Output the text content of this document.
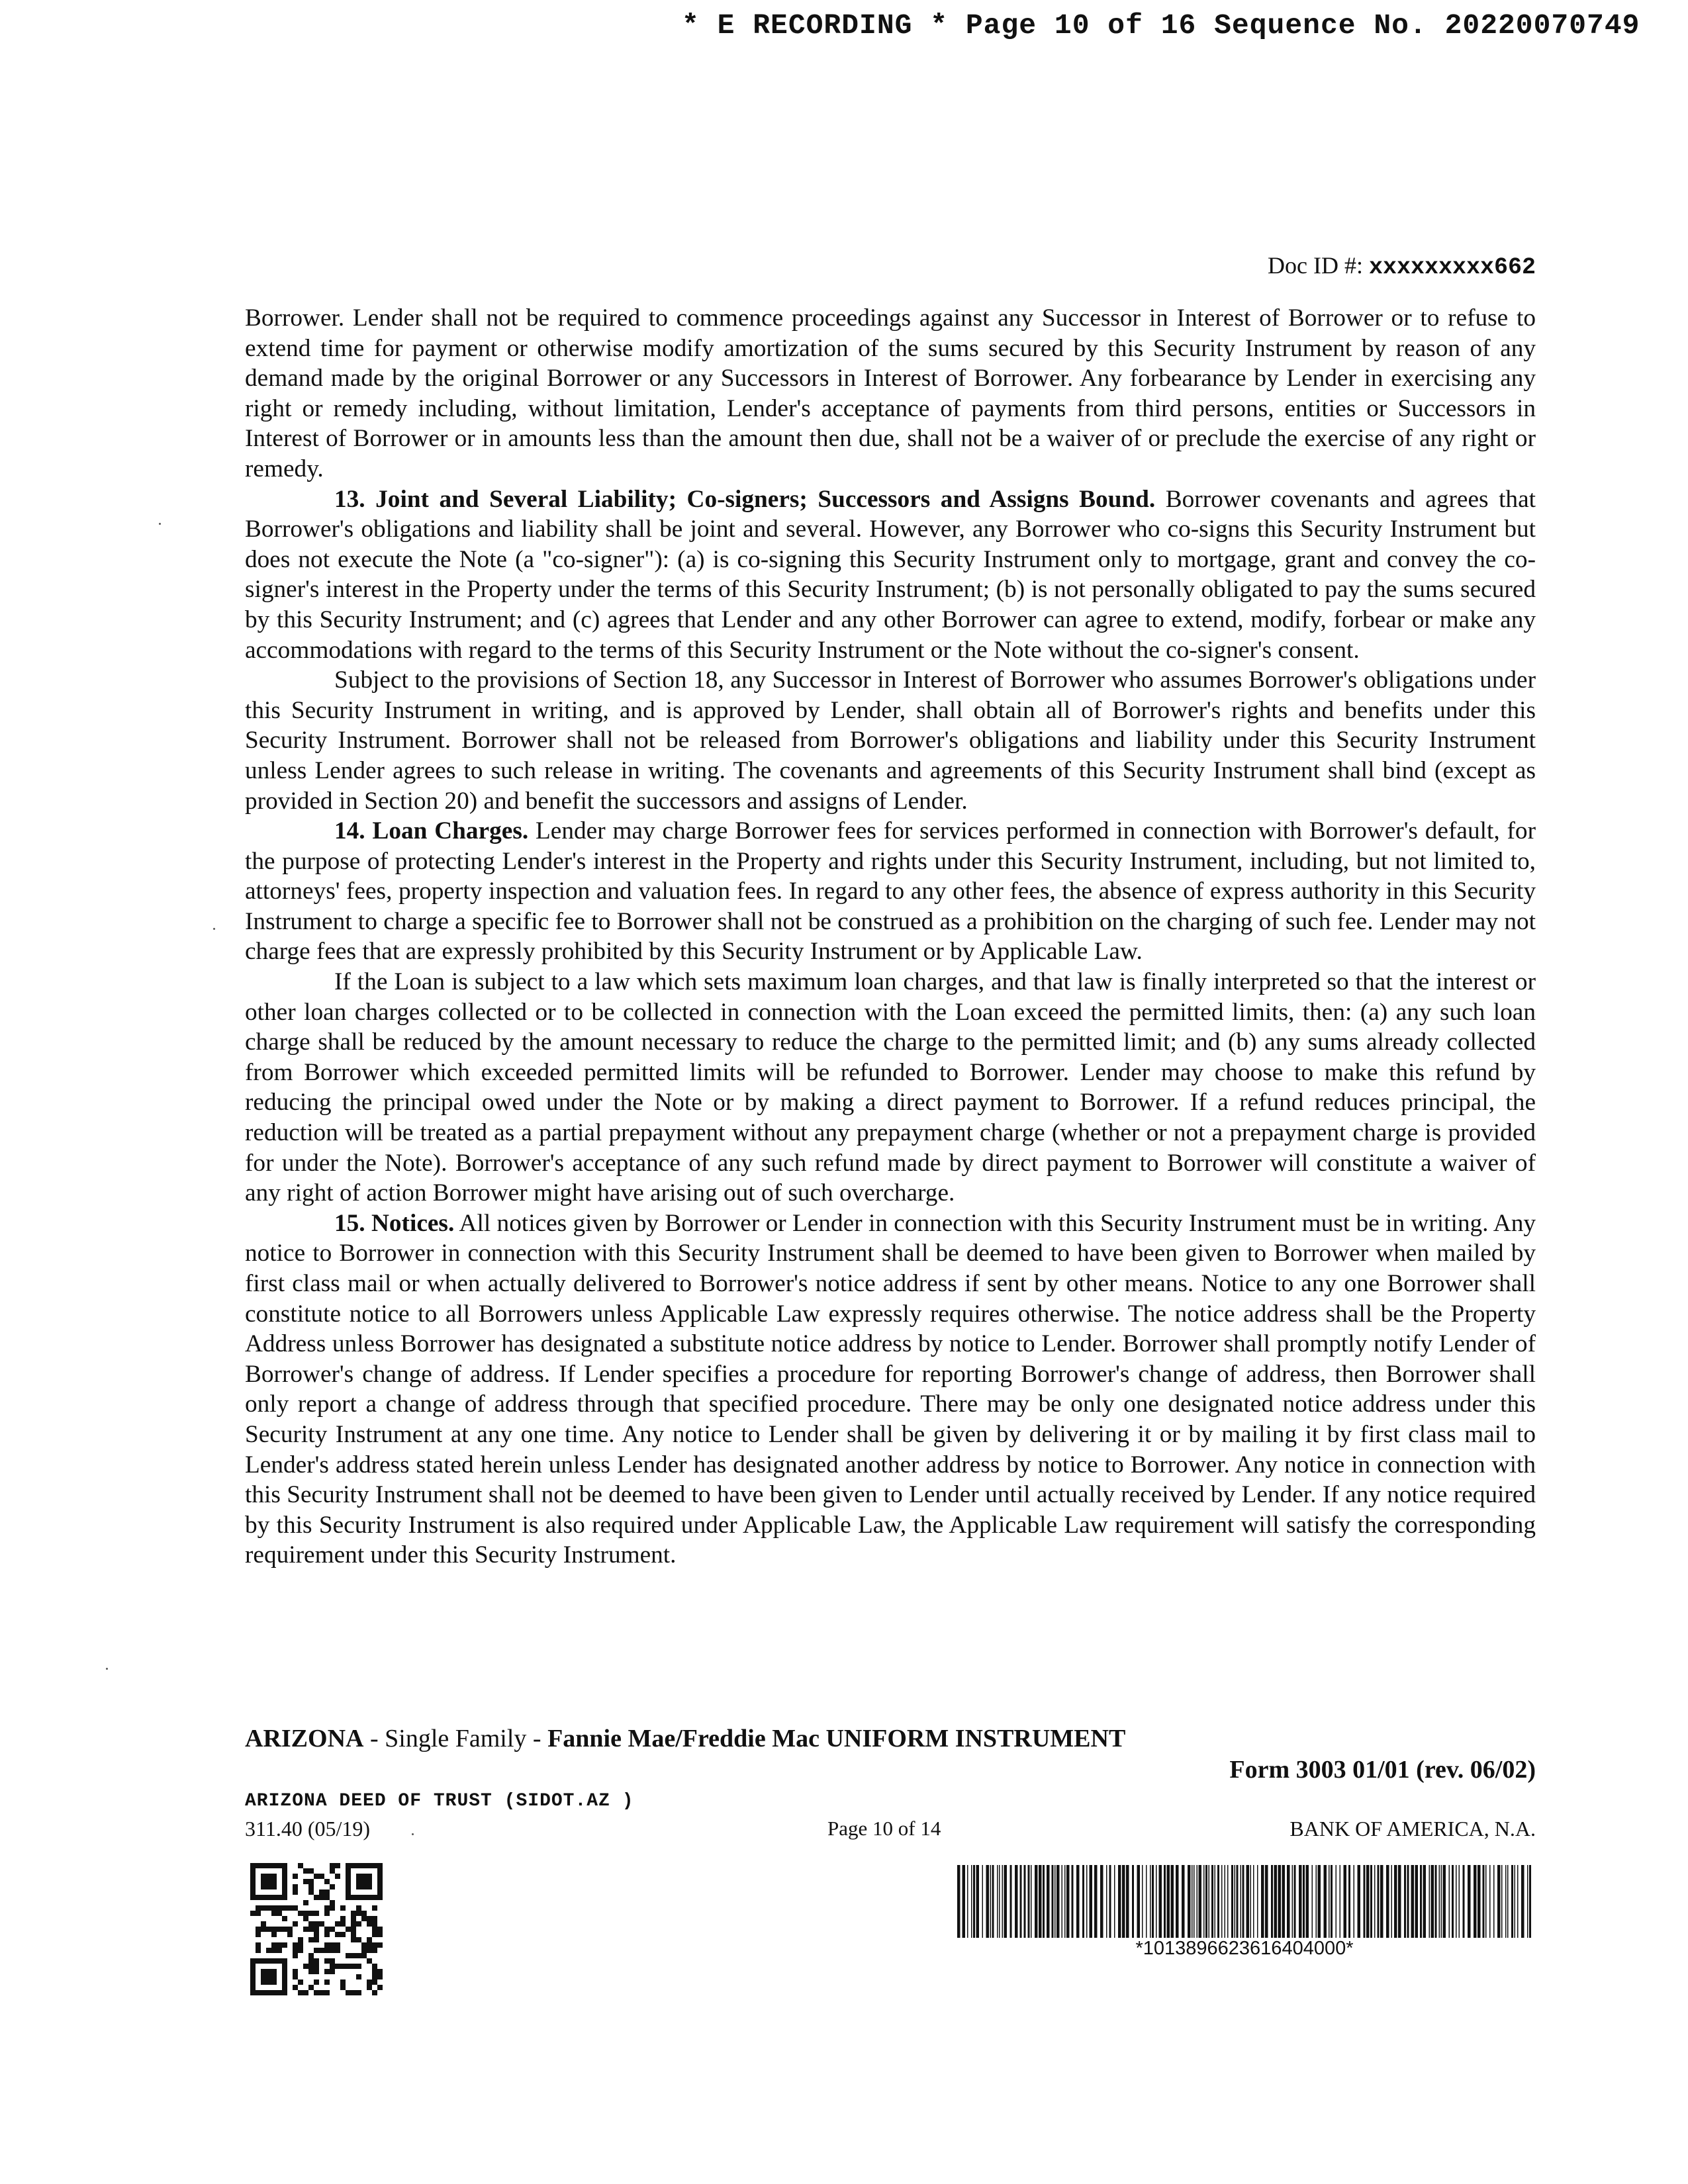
* E RECORDING * Page 10 of 16 Sequence No. 20220070749
Doc ID #: xxxxxxxxx662

Borrower. Lender shall not be required to commence proceedings against any Successor in Interest of Borrower or to refuse to extend time for payment or otherwise modify amortization of the sums secured by this Security Instrument by reason of any demand made by the original Borrower or any Successors in Interest of Borrower. Any forbearance by Lender in exercising any right or remedy including, without limitation, Lender's acceptance of payments from third persons, entities or Successors in Interest of Borrower or in amounts less than the amount then due, shall not be a waiver of or preclude the exercise of any right or remedy.

13. Joint and Several Liability; Co-signers; Successors and Assigns Bound. Borrower covenants and agrees that Borrower's obligations and liability shall be joint and several. However, any Borrower who co-signs this Security Instrument but does not execute the Note (a "co-signer"): (a) is co-signing this Security Instrument only to mortgage, grant and convey the co-signer's interest in the Property under the terms of this Security Instrument; (b) is not personally obligated to pay the sums secured by this Security Instrument; and (c) agrees that Lender and any other Borrower can agree to extend, modify, forbear or make any accommodations with regard to the terms of this Security Instrument or the Note without the co-signer's consent.

Subject to the provisions of Section 18, any Successor in Interest of Borrower who assumes Borrower's obligations under this Security Instrument in writing, and is approved by Lender, shall obtain all of Borrower's rights and benefits under this Security Instrument. Borrower shall not be released from Borrower's obligations and liability under this Security Instrument unless Lender agrees to such release in writing. The covenants and agreements of this Security Instrument shall bind (except as provided in Section 20) and benefit the successors and assigns of Lender.

14. Loan Charges. Lender may charge Borrower fees for services performed in connection with Borrower's default, for the purpose of protecting Lender's interest in the Property and rights under this Security Instrument, including, but not limited to, attorneys' fees, property inspection and valuation fees. In regard to any other fees, the absence of express authority in this Security Instrument to charge a specific fee to Borrower shall not be construed as a prohibition on the charging of such fee. Lender may not charge fees that are expressly prohibited by this Security Instrument or by Applicable Law.

If the Loan is subject to a law which sets maximum loan charges, and that law is finally interpreted so that the interest or other loan charges collected or to be collected in connection with the Loan exceed the permitted limits, then: (a) any such loan charge shall be reduced by the amount necessary to reduce the charge to the permitted limit; and (b) any sums already collected from Borrower which exceeded permitted limits will be refunded to Borrower. Lender may choose to make this refund by reducing the principal owed under the Note or by making a direct payment to Borrower. If a refund reduces principal, the reduction will be treated as a partial prepayment without any prepayment charge (whether or not a prepayment charge is provided for under the Note). Borrower's acceptance of any such refund made by direct payment to Borrower will constitute a waiver of any right of action Borrower might have arising out of such overcharge.

15. Notices. All notices given by Borrower or Lender in connection with this Security Instrument must be in writing. Any notice to Borrower in connection with this Security Instrument shall be deemed to have been given to Borrower when mailed by first class mail or when actually delivered to Borrower's notice address if sent by other means. Notice to any one Borrower shall constitute notice to all Borrowers unless Applicable Law expressly requires otherwise. The notice address shall be the Property Address unless Borrower has designated a substitute notice address by notice to Lender. Borrower shall promptly notify Lender of Borrower's change of address. If Lender specifies a procedure for reporting Borrower's change of address, then Borrower shall only report a change of address through that specified procedure. There may be only one designated notice address under this Security Instrument at any one time. Any notice to Lender shall be given by delivering it or by mailing it by first class mail to Lender's address stated herein unless Lender has designated another address by notice to Borrower. Any notice in connection with this Security Instrument shall not be deemed to have been given to Lender until actually received by Lender. If any notice required by this Security Instrument is also required under Applicable Law, the Applicable Law requirement will satisfy the corresponding requirement under this Security Instrument.

ARIZONA - Single Family - Fannie Mae/Freddie Mac UNIFORM INSTRUMENT
Form 3003 01/01 (rev. 06/02)
ARIZONA DEED OF TRUST (SIDOT.AZ )
311.40 (05/19)	Page 10 of 14	BANK OF AMERICA, N.A.
*1013896623616404000*
